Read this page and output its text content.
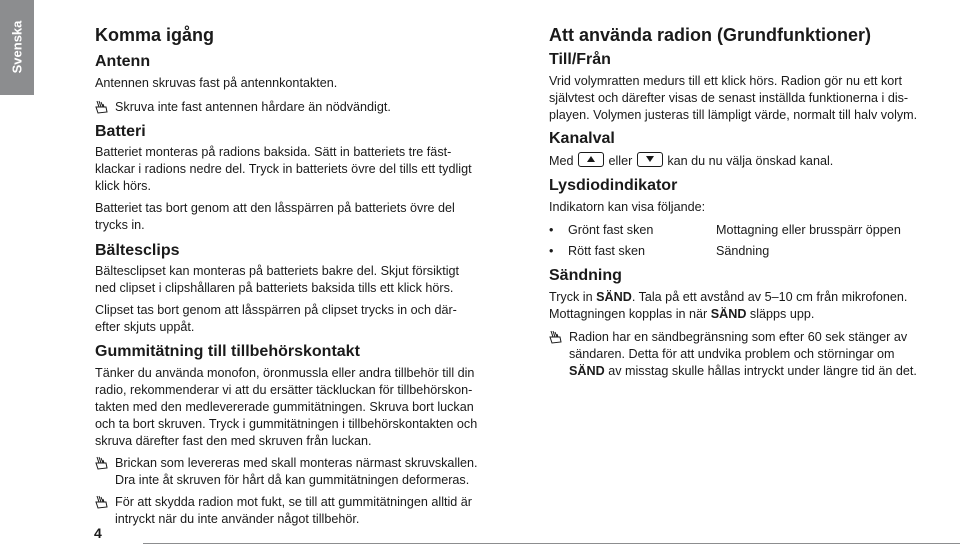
Svenska	Komma igång
Antenn
Antennen skruvas fast på antennkontakten.
Skruva inte fast antennen hårdare än nödvändigt.
Batteri
Batteriet monteras på radions baksida. Sätt in batteriets tre fäst-
klackar i radions nedre del. Tryck in batteriets övre del tills ett tydligt
klick hörs.
Batteriet tas bort genom att den låsspärren på batteriets övre del
trycks in.
Bältesclips
Bältesclipset kan monteras på batteriets bakre del. Skjut försiktigt
ned clipset i clipshållaren på batteriets baksida tills ett klick hörs.
Clipset tas bort genom att låsspärren på clipset trycks in och där-
efter skjuts uppåt.
Gummitätning till tillbehörskontakt
Tänker du använda monofon, öronmussla eller andra tillbehör till din
radio, rekommenderar vi att du ersätter täckluckan för tillbehörskon-
takten med den medlevererade gummitätningen. Skruva bort luckan
och ta bort skruven. Tryck i gummitätningen i tillbehörskontakten och
skruva därefter fast den med skruven från luckan.
Brickan som levereras med skall monteras närmast skruvskallen.
Dra inte åt skruven för hårt då kan gummitätningen deformeras.
För att skydda radion mot fukt, se till att gummitätningen alltid är
intryckt när du inte använder något tillbehör.
Att använda radion (Grundfunktioner)
Till/Från
Vrid volymratten medurs till ett klick hörs. Radion gör nu ett kort
självtest och därefter visas de senast inställda funktionerna i dis-
playen. Volymen justeras till lämpligt värde, normalt till halv volym.
Kanalval
Med	eller	kan du nu välja önskad kanal.
Lysdiodindikator
Indikatorn kan visa följande:
• Grönt fast sken	Mottagning eller brusspärr öppen
• Rött fast sken	Sändning
Sändning
Tryck in SÄND. Tala på ett avstånd av 5–10 cm från mikrofonen.
Mottagningen kopplas in när SÄND släpps upp.
Radion har en sändbegränsning som efter 60 sek stänger av
sändaren. Detta för att undvika problem och störningar om
SÄND av misstag skulle hållas intryckt under längre tid än det.
4
